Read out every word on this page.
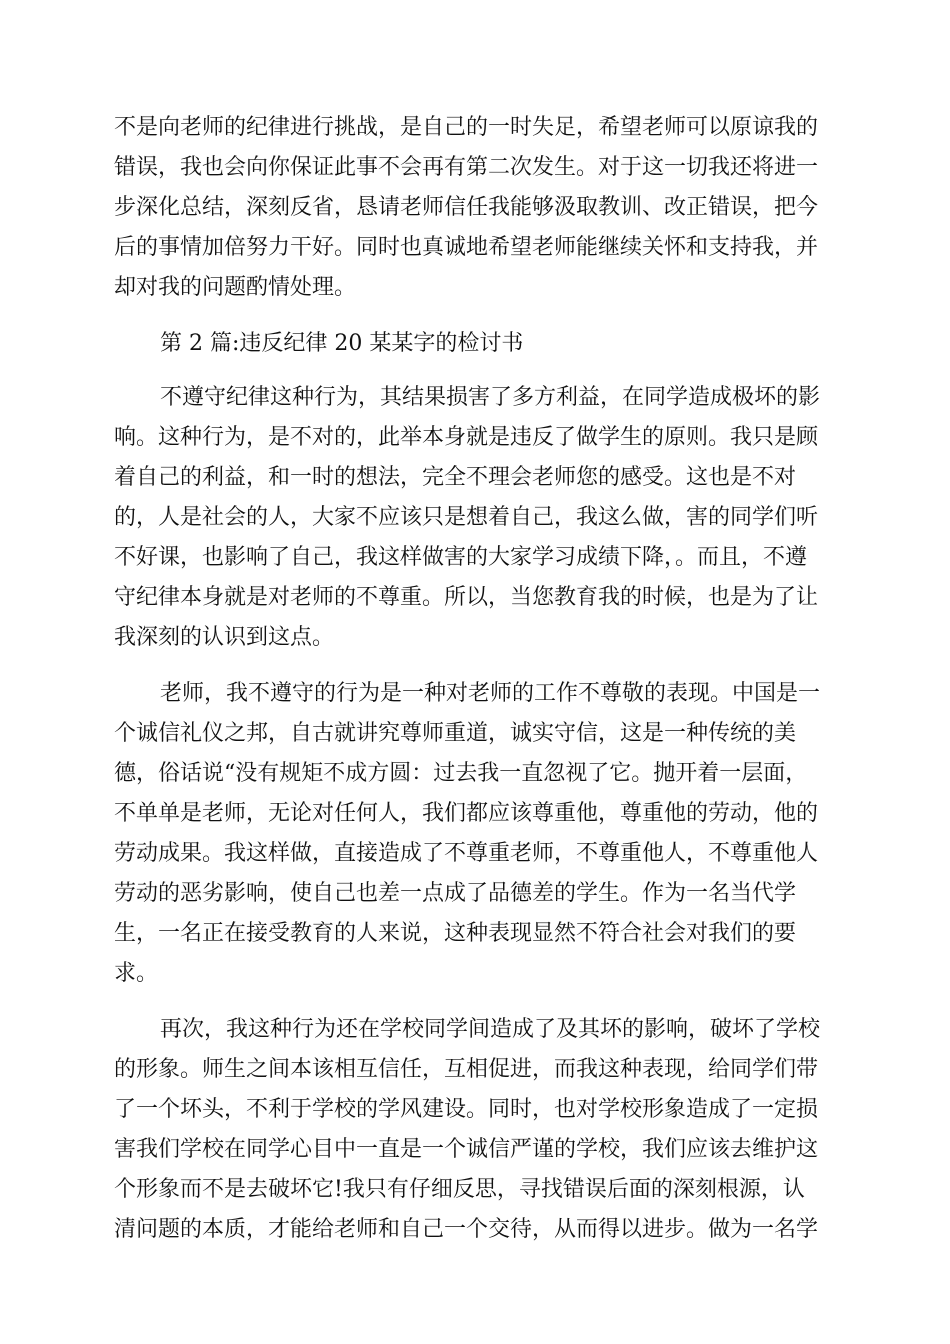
不是向老师的纪律进行挑战，是自己的一时失足，希望老师可以原谅我的
错误，我也会向你保证此事不会再有第二次发生。对于这一切我还将进一
步深化总结，深刻反省，恳请老师信任我能够汲取教训、改正错误，把今
后的事情加倍努力干好。同时也真诚地希望老师能继续关怀和支持我，并
却对我的问题酌情处理。
第 2 篇:违反纪律 20 某某字的检讨书
不遵守纪律这种行为，其结果损害了多方利益，在同学造成极坏的影
响。这种行为，是不对的，此举本身就是违反了做学生的原则。我只是顾
着自己的利益，和一时的想法，完全不理会老师您的感受。这也是不对
的，人是社会的人，大家不应该只是想着自己，我这么做，害的同学们听
不好课，也影响了自己，我这样做害的大家学习成绩下降，。而且，不遵
守纪律本身就是对老师的不尊重。所以，当您教育我的时候，也是为了让
我深刻的认识到这点。
老师，我不遵守的行为是一种对老师的工作不尊敬的表现。中国是一
个诚信礼仪之邦，自古就讲究尊师重道，诚实守信，这是一种传统的美
德，俗话说“没有规矩不成方圆：过去我一直忽视了它。抛开着一层面，
不单单是老师，无论对任何人，我们都应该尊重他，尊重他的劳动，他的
劳动成果。我这样做，直接造成了不尊重老师，不尊重他人，不尊重他人
劳动的恶劣影响，使自己也差一点成了品德差的学生。作为一名当代学
生，一名正在接受教育的人来说，这种表现显然不符合社会对我们的要
求。
再次，我这种行为还在学校同学间造成了及其坏的影响，破坏了学校
的形象。师生之间本该相互信任，互相促进，而我这种表现，给同学们带
了一个坏头，不利于学校的学风建设。同时，也对学校形象造成了一定损
害我们学校在同学心目中一直是一个诚信严谨的学校，我们应该去维护这
个形象而不是去破坏它!我只有仔细反思，寻找错误后面的深刻根源，认
清问题的本质，才能给老师和自己一个交待，从而得以进步。做为一名学
